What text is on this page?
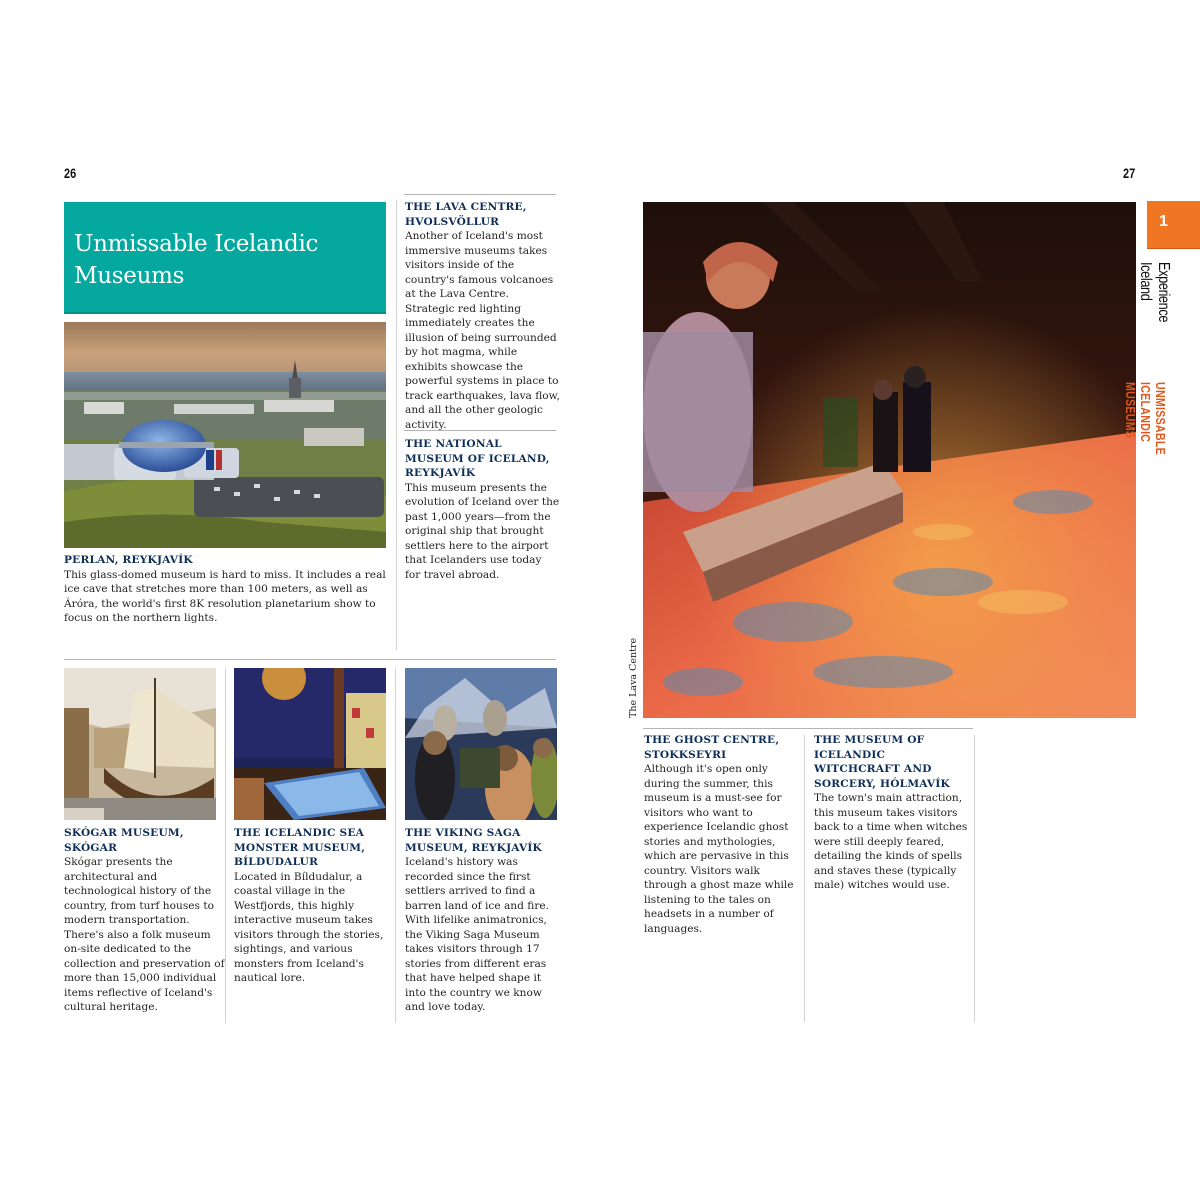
26
Unmissable Icelandic Museums
PERLAN, REYKJAVÍK
This glass-domed museum is hard to miss. It includes a real ice cave that stretches more than 100 meters, as well as Áróra, the world's first 8K resolution planetarium show to focus on the northern lights.
THE LAVA CENTRE, HVOLSVÖLLUR
Another of Iceland's most immersive museums takes visitors inside of the country's famous volcanoes at the Lava Centre. Strategic red lighting immediately creates the illusion of being surrounded by hot magma, while exhibits showcase the powerful systems in place to track earthquakes, lava flow, and all the other geologic activity.
THE NATIONAL MUSEUM OF ICELAND, REYKJAVÍK
This museum presents the evolution of Iceland over the past 1,000 years—from the original ship that brought settlers here to the airport that Icelanders use today for travel abroad.
SKÓGAR MUSEUM, SKÓGAR
Skógar presents the architectural and technological history of the country, from turf houses to modern transportation. There's also a folk museum on-site dedicated to the collection and preservation of more than 15,000 individual items reflective of Iceland's cultural heritage.
THE ICELANDIC SEA MONSTER MUSEUM, BÍLDUDALUR
Located in Bíldudalur, a coastal village in the Westfjords, this highly interactive museum takes visitors through the stories, sightings, and various monsters from Iceland's nautical lore.
THE VIKING SAGA MUSEUM, REYKJAVÍK
Iceland's history was recorded since the first settlers arrived to find a barren land of ice and fire. With lifelike animatronics, the Viking Saga Museum takes visitors through 17 stories from different eras that have helped shape it into the country we know and love today.
27
The Lava Centre
1
Experience Iceland
UNMISSABLE ICELANDIC MUSEUMS
THE GHOST CENTRE, STOKKSEYRI
Although it's open only during the summer, this museum is a must-see for visitors who want to experience Icelandic ghost stories and mythologies, which are pervasive in this country. Visitors walk through a ghost maze while listening to the tales on headsets in a number of languages.
THE MUSEUM OF ICELANDIC WITCHCRAFT AND SORCERY, HÓLMAVÍK
The town's main attraction, this museum takes visitors back to a time when witches were still deeply feared, detailing the kinds of spells and staves these (typically male) witches would use.
